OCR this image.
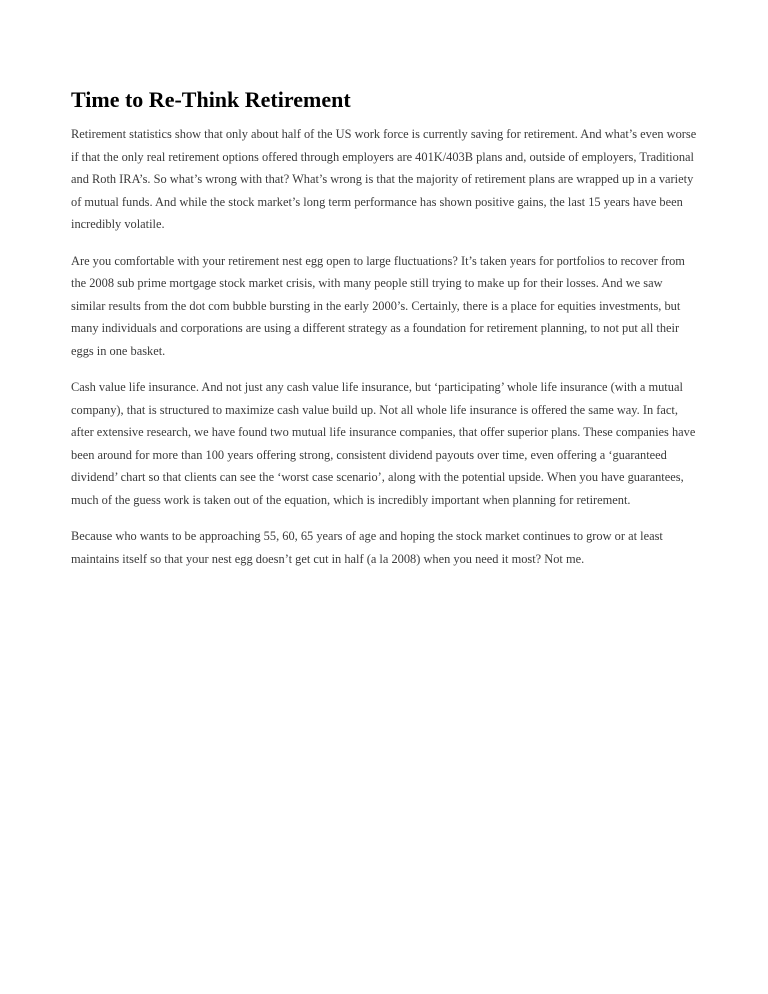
Time to Re-Think Retirement

Retirement statistics show that only about half of the US work force is currently saving for retirement. And what’s even worse if that the only real retirement options offered through employers are 401K/403B plans and, outside of employers, Traditional and Roth IRA’s. So what’s wrong with that? What’s wrong is that the majority of retirement plans are wrapped up in a variety of mutual funds. And while the stock market’s long term performance has shown positive gains, the last 15 years have been incredibly volatile.

Are you comfortable with your retirement nest egg open to large fluctuations? It’s taken years for portfolios to recover from the 2008 sub prime mortgage stock market crisis, with many people still trying to make up for their losses. And we saw similar results from the dot com bubble bursting in the early 2000’s. Certainly, there is a place for equities investments, but many individuals and corporations are using a different strategy as a foundation for retirement planning, to not put all their eggs in one basket.

Cash value life insurance. And not just any cash value life insurance, but ‘participating’ whole life insurance (with a mutual company), that is structured to maximize cash value build up. Not all whole life insurance is offered the same way. In fact, after extensive research, we have found two mutual life insurance companies, that offer superior plans. These companies have been around for more than 100 years offering strong, consistent dividend payouts over time, even offering a ‘guaranteed dividend’ chart so that clients can see the ‘worst case scenario’, along with the potential upside. When you have guarantees, much of the guess work is taken out of the equation, which is incredibly important when planning for retirement.

Because who wants to be approaching 55, 60, 65 years of age and hoping the stock market continues to grow or at least maintains itself so that your nest egg doesn’t get cut in half (a la 2008) when you need it most? Not me.
